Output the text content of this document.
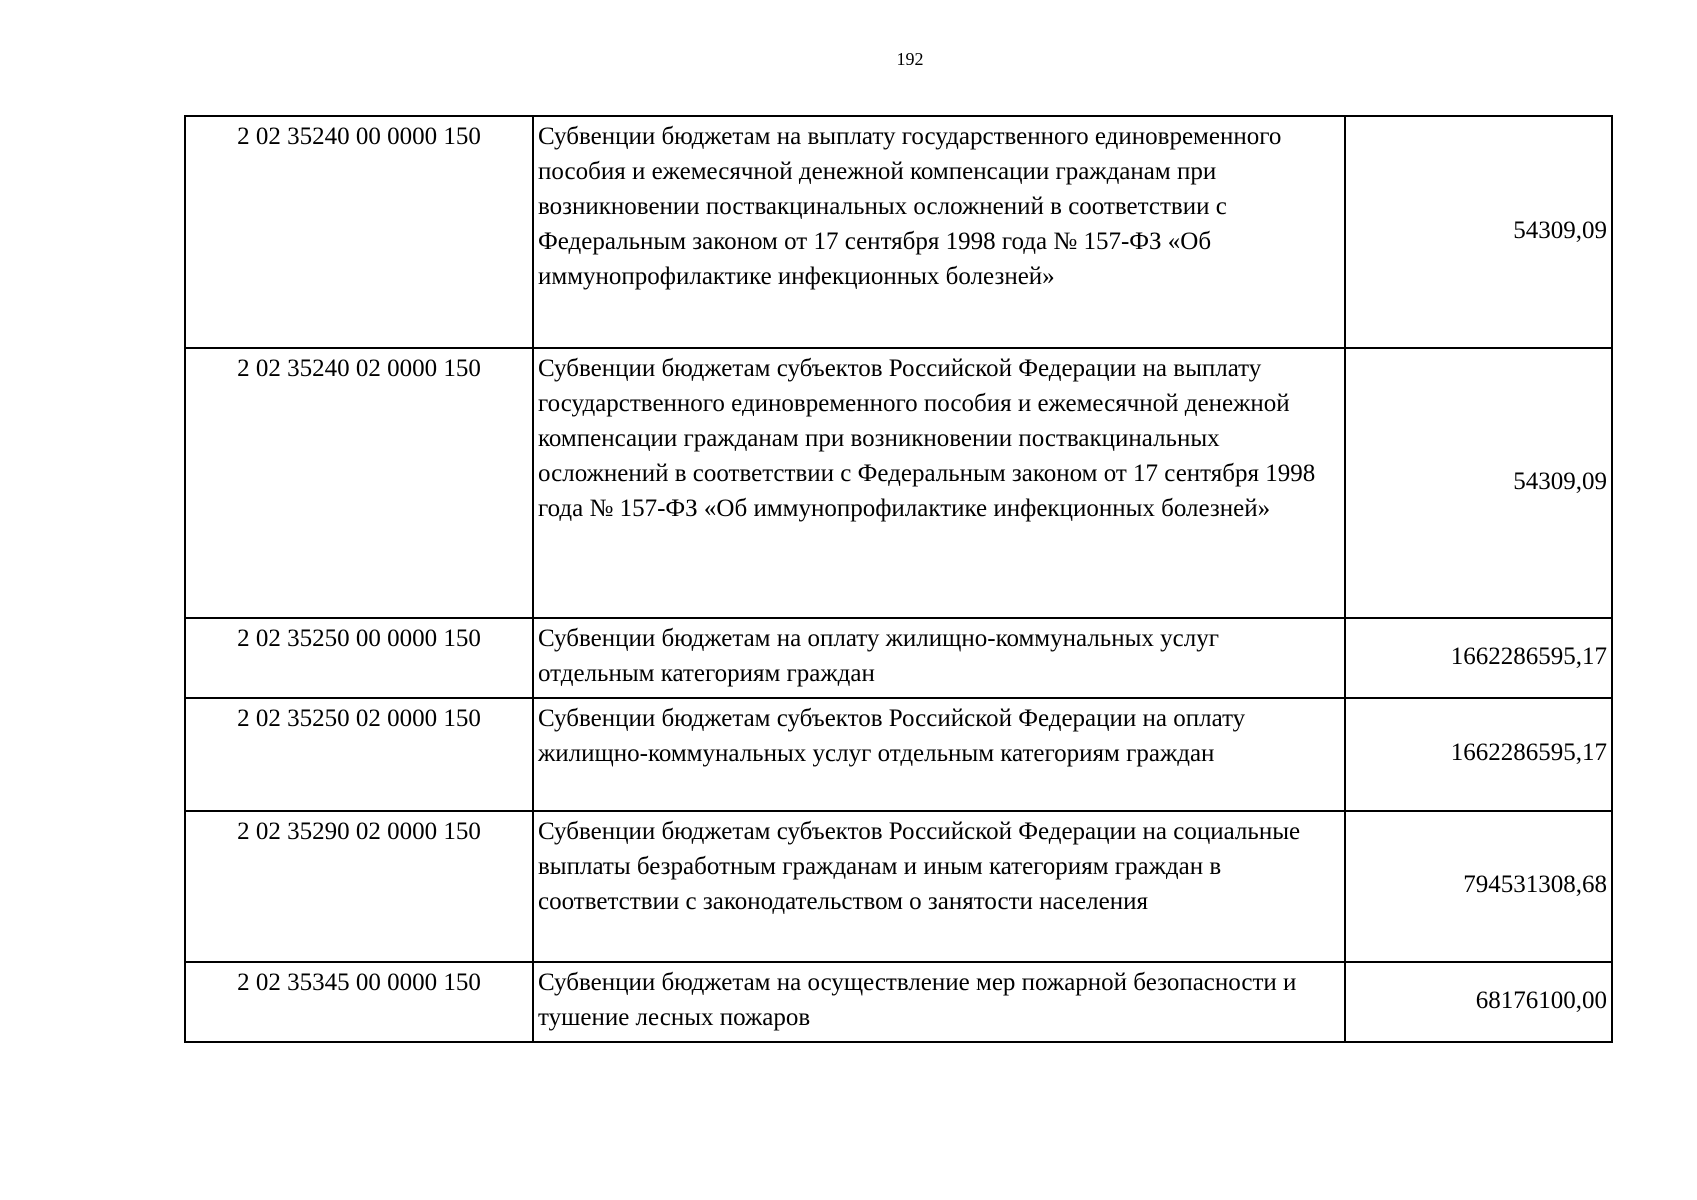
192
2 02 35240 00 0000 150	Субвенции бюджетам на выплату государственного единовременного пособия и ежемесячной денежной компенсации гражданам при возникновении поствакцинальных осложнений в соответствии с Федеральным законом от 17 сентября 1998 года № 157-ФЗ «Об иммунопрофилактике инфекционных болезней»	54309,09
2 02 35240 02 0000 150	Субвенции бюджетам субъектов Российской Федерации на выплату государственного единовременного пособия и ежемесячной денежной компенсации гражданам при возникновении поствакцинальных осложнений в соответствии с Федеральным законом от 17 сентября 1998 года № 157-ФЗ «Об иммунопрофилактике инфекционных болезней»	54309,09
2 02 35250 00 0000 150	Субвенции бюджетам на оплату жилищно-коммунальных услуг отдельным категориям граждан	1662286595,17
2 02 35250 02 0000 150	Субвенции бюджетам субъектов Российской Федерации на оплату жилищно-коммунальных услуг отдельным категориям граждан	1662286595,17
2 02 35290 02 0000 150	Субвенции бюджетам субъектов Российской Федерации на социальные выплаты безработным гражданам и иным категориям граждан в соответствии с законодательством о занятости населения	794531308,68
2 02 35345 00 0000 150	Субвенции бюджетам на осуществление мер пожарной безопасности и тушение лесных пожаров	68176100,00
